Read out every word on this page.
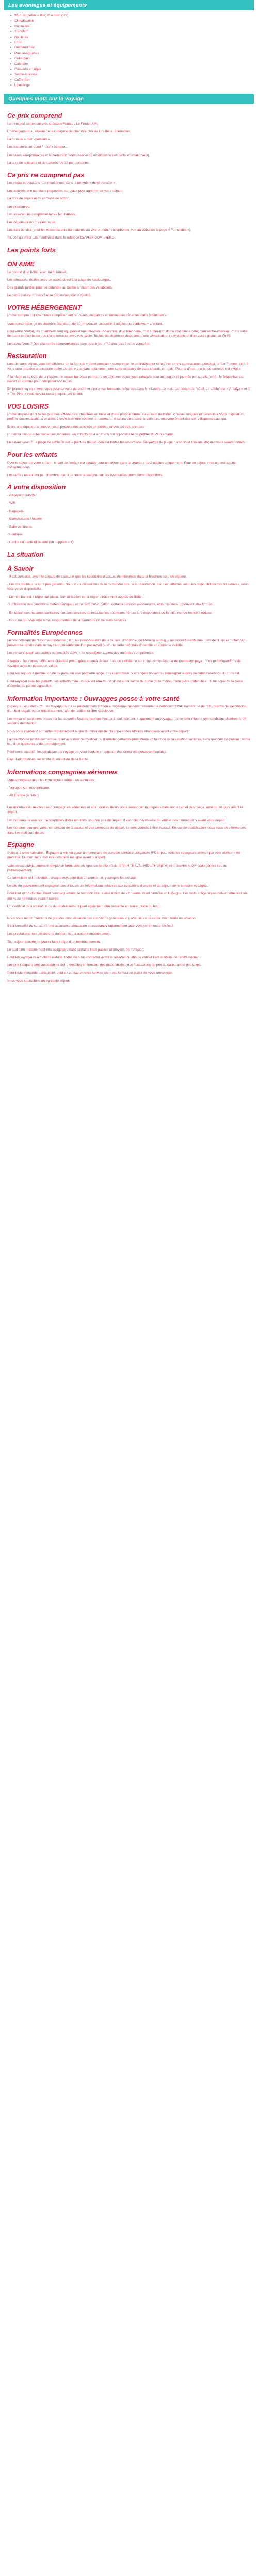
Les avantages et équipements
▪ Wi-Fi ® (selon le flux) ® à bord (1/2)
▪ Climatisation
▪ Cuisinière
▪ Transfert
▪ Bouilloire
▪ Four
▪ Réchaud four
▪ Presse-agrumes
▪ Grille-pain
▪ Cafetière
▪ Couverts et linges
▪ Sèche-cheveux
▪ Coffre-fort
▪ Lave-linge
Quelques mots sur le voyage
Ce prix comprend

Le transport aérien sur vols spéciaux France / Le Pontet A/R,

L'hébergement au niveau de la catégorie de chambre choisie lors de la réservation,

La formule « demi-pension »,

Les transferts aéroport / hôtel / aéroport,

Les taxes aéroportuaires et le carburant (sous réserve de modification des tarifs internationaux),

La taxe de solidarité et de carbone de 38 par personne.

Ce prix ne comprend pas

Les repas et boissons non mentionnés dans la formule « demi-pension »,

Les activités et excursions proposées sur place pour agrémenter votre séjour,

La taxe de séjour et de carbone en option,

Les pourboires,

Les assurances complémentaires facultatives,

Les dépenses d'ordre personnel,

Les frais de visa (pour les ressortissants non soumis au visa ou non francophones, voir au début de la page « Formalités »),

Tout ce qui n'est pas mentionné dans la rubrique CE PRIX COMPREND.

Les points forts
ON AIME

Le confort d'un hôtel récemment rénové,

Les situations idéales avec un accès direct à la plage de Kouloumpou,

Des grands jardins pour se détendre au calme à l'écart des vacanciers,

Le cadre naturel préservé et le personnel pour la qualité.

VOTRE HÉBERGEMENT

L'hôtel compte 611 chambres complètement rénovées, élégantes et lumineuses réparties dans 3 bâtiments.

Vous serez hébergé en chambre Standard, de 30 m² pouvant accueillir 3 adultes ou 2 adultes + 1 enfant.

Pour votre confort, les chambres sont équipées d'une télévision écran plat, d'un téléphone, d'un coffre-fort, d'une machine à café, d'un sèche-cheveux, d'une salle de bains et d'un balcon ou d'une terrasse avec vue jardin. Toutes les chambres disposent d'une climatisation individuelle et d'un accès gratuit au Wi-Fi.

Le saviez-vous ? Des chambres communicantes sont possibles : n'hésitez pas à nous consulter.

Restauration

Lors de votre séjour, vous bénéficierez de la formule « demi-pension » comprenant le petit-déjeuner et le dîner servis au restaurant principal, le "Le Pommeraie". Il vous sera proposé une cuisine buffet variée, présentant notamment une carte sélective de plats chauds et froids. Pour le dîner, une tenue correcte est exigée.

À la plage et au bord de la piscine, un snack-bar vous permettra de déjeuner ou de vous rafraîchir tout au long de la journée (en supplément) : le Snack-bar est ouvert en continu pour compléter vos repas.

En journée ou en soirée, vous pourrez vous détendre et siroter vos boissons préférées dans le « Lobby-bar » du bar ouvert de l'hôtel. Le Lobby-bar « Antalya » et le « The Pine » vous servira aussi jusqu'à tard le soir.

VOS LOISIRS

L'hôtel dispose de 3 belles piscines extérieures, chauffées en hiver et d'une piscine intérieure au sein de l'hôtel. Chaises longues et parasols à votre disposition, profitez des installations dédiées à votre bien-être comme le hammam, le sauna ou encore le bain turc, en complément des soins dispensés au spa.

Enfin, une équipe d'animation vous propose des activités en journée et des soirées animées.

Durant la saison et les vacances scolaires, les enfants de 4 à 12 ans ont la possibilité de profiter du club enfants.

Le saviez-vous ? La plage de sable fin est le point de départ idéal de toutes les excursions. Serviettes de plage, parasols et chaises longues vous seront fournis.

Pour les enfants

Pour le séjour de votre enfant : le tarif de l'enfant est valable pour un séjour dans la chambre de 2 adultes uniquement. Pour un séjour avec un seul adulte, consultez-nous.

Les tarifs s'entendent par chambre, merci de vous renseigner sur les éventuelles promotions disponibles.

À votre disposition

- Réception 24h/24

- Wifi

- Bagagerie

- Blanchisserie / laverie

- Salle de fitness

- Boutique

- Centre de santé et beauté (en supplément)

La situation
À Savoir

- Il est conseillé, avant le départ, de s'assurer que les conditions d'accueil mentionnées dans la brochure sont en vigueur.

- Les lits doubles ne sont pas garantis. Nous vous conseillons de le demander lors de la réservation, car il est attribué selon les disponibilités lors de l'arrivée, sous réserve de disponibilité.

- Le mini bar est à régler sur place. Son utilisation est à régler directement auprès de l'hôtel.

- En fonction des conditions météorologiques et du taux d'occupation, certains services (restaurants, bars, piscines...) peuvent être fermés.

- En raison des mesures sanitaires, certains services ou installations pourraient ne pas être disponibles ou fonctionner de manière réduite.

- Nous ne pouvons être tenus responsables de la fermeture de certains services.

Formalités Européennes

Le ressortissant de l'Union européenne (UE), les ressortissants de la Suisse, d'Andorre, de Monaco ainsi que les ressortissants des Etats de l'Espace Schengen peuvent se rendre dans le pays sur présentation d'un passeport ou d'une carte nationale d'identité en cours de validité.

Les ressortissants des autres nationalités doivent se renseigner auprès des autorités compétentes.

Attention : les cartes nationales d'identité prolongées au-delà de leur date de validité ne sont plus acceptées par de nombreux pays : nous recommandons de voyager avec un passeport valide.

Pour les séjours à destination de ce pays, un visa peut être exigé. Les ressortissants étrangers doivent se renseigner auprès de l'ambassade ou du consulat.

Pour voyager sans les parents, les enfants mineurs doivent être munis d'une autorisation de sortie du territoire, d'une pièce d'identité et d'une copie de la pièce d'identité du parent signataire.

Information importante : Ouvragges posse à votre santé

Depuis le 1er juillet 2021, les voyageurs qui se rendent dans l'Union européenne peuvent présenter le certificat COVID numérique de l'UE, preuve de vaccination, d'un test négatif ou de rétablissement, afin de faciliter la libre circulation.

Les mesures sanitaires prises par les autorités locales peuvent évoluer à tout moment. Il appartient au voyageur de se tenir informé des conditions d'entrée et de séjour à destination.

Nous vous invitons à consulter régulièrement le site du ministère de l'Europe et des Affaires étrangères avant votre départ.

La direction de l'établissement se réserve le droit de modifier ou d'annuler certaines prestations en fonction de la situation sanitaire, sans que cela ne puisse donner lieu à un quelconque dédommagement.

Pour votre sécurité, les conditions de voyage peuvent évoluer en fonction des directives gouvernementales.

Plus d'informations sur le site du ministère de la Santé.

Informations compagnies aériennes

Vous voyagerez avec les compagnies aériennes suivantes :

- Voyages sur vols spéciaux

- Air Europa (à l'aller)

Les informations relatives aux compagnies aériennes et aux horaires de vol vous seront communiquées dans votre carnet de voyage, environ 10 jours avant le départ.

Les horaires de vols sont susceptibles d'être modifiés jusqu'au jour du départ. Il est donc nécessaire de vérifier ces informations avant votre départ.

Les horaires peuvent varier en fonction de la saison et des aéroports de départ, ils sont donnés à titre indicatif. En cas de modification, nous vous en informerons dans les meilleurs délais.

Espagne

Suite à la crise sanitaire, l'Espagne a mis en place un formulaire de contrôle sanitaire obligatoire (FCS) pour tous les voyageurs arrivant par voie aérienne ou maritime. Le formulaire doit être complété en ligne avant le départ.

Vous devez obligatoirement remplir ce formulaire en ligne sur le site officiel SPAIN TRAVEL HEALTH (SpTH) et présenter le QR code généré lors de l'embarquement.

Ce formulaire est individuel : chaque voyageur doit en remplir un, y compris les enfants.

Le site du gouvernement espagnol fournit toutes les informations relatives aux conditions d'entrée et de séjour sur le territoire espagnol.

Pour tout PCR effectué avant l'embarquement, le test doit être réalisé moins de 72 heures avant l'arrivée en Espagne. Les tests antigéniques doivent être réalisés moins de 48 heures avant l'arrivée.

Un certificat de vaccination ou de rétablissement peut également être présenté en lieu et place du test.

Nous vous recommandons de prendre connaissance des conditions générales et particulières de vente avant toute réservation.

Il est conseillé de souscrire une assurance annulation et assistance rapatriement pour voyager en toute sérénité.

Les prestations non utilisées ne donnent lieu à aucun remboursement.

Tout séjour écourté ne pourra faire l'objet d'un remboursement.

Le port d'un masque peut être obligatoire dans certains lieux publics et moyens de transport.

Pour les voyageurs à mobilité réduite, merci de nous contacter avant la réservation afin de vérifier l'accessibilité de l'établissement.

Les prix indiqués sont susceptibles d'être modifiés en fonction des disponibilités, des fluctuations du prix du carburant et des taxes.

Pour toute demande particulière, veuillez contacter notre service client qui se fera un plaisir de vous renseigner.

Nous vous souhaitons un agréable séjour.
